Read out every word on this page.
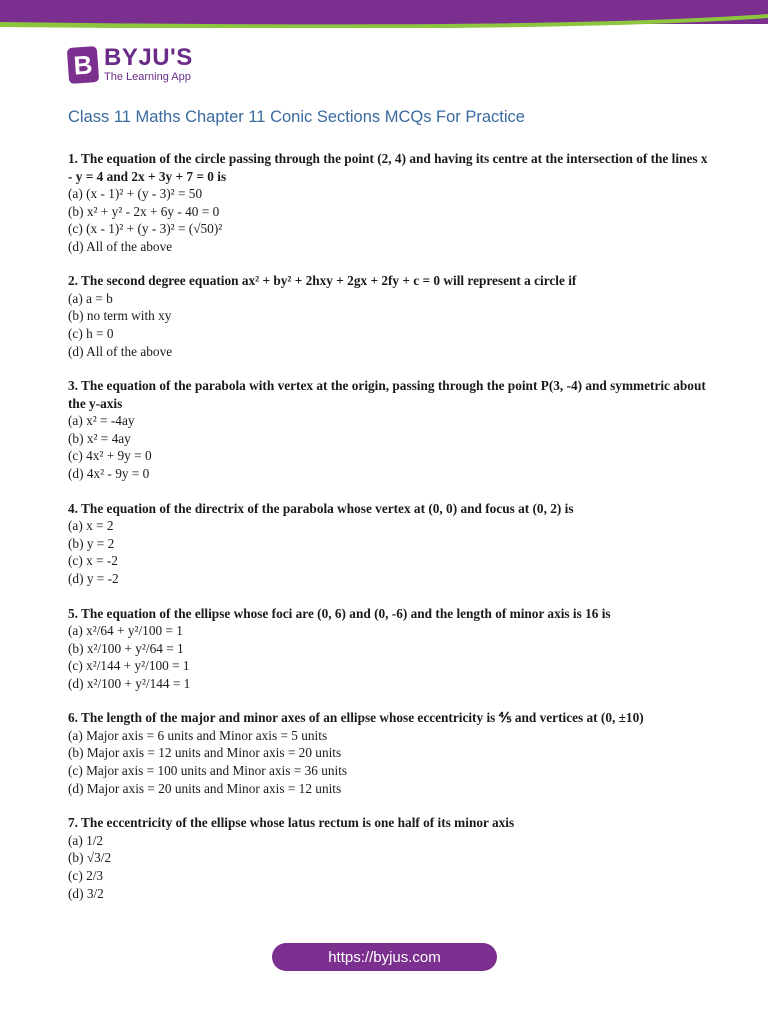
B BYJU'S
The Learning App
Class 11 Maths Chapter 11 Conic Sections MCQs For Practice

1. The equation of the circle passing through the point (2, 4) and having its centre at the intersection of the lines x - y = 4 and 2x + 3y + 7 = 0 is

(a) (x - 1)² + (y - 3)² = 50

(b) x² + y² - 2x + 6y - 40 = 0

(c) (x - 1)² + (y - 3)² = (√50)²

(d) All of the above

2. The second degree equation ax² + by² + 2hxy + 2gx + 2fy + c = 0 will represent a circle if

(a) a = b

(b) no term with xy

(c) h = 0

(d) All of the above

3. The equation of the parabola with vertex at the origin, passing through the point P(3, -4) and symmetric about the y-axis

(a) x² = -4ay

(b) x² = 4ay

(c) 4x² + 9y = 0

(d) 4x² - 9y = 0

4. The equation of the directrix of the parabola whose vertex at (0, 0) and focus at (0, 2) is

(a) x = 2

(b) y = 2

(c) x = -2

(d) y = -2

5. The equation of the ellipse whose foci are (0, 6) and (0, -6) and the length of minor axis is 16 is

(a) x²/64 + y²/100 = 1

(b) x²/100 + y²/64 = 1

(c) x²/144 + y²/100 = 1

(d) x²/100 + y²/144 = 1

6. The length of the major and minor axes of an ellipse whose eccentricity is ⅘ and vertices at (0, ±10)

(a) Major axis = 6 units and Minor axis = 5 units

(b) Major axis = 12 units and Minor axis = 20 units

(c) Major axis = 100 units and Minor axis = 36 units

(d) Major axis = 20 units and Minor axis = 12 units

7. The eccentricity of the ellipse whose latus rectum is one half of its minor axis

(a) 1/2

(b) √3/2

(c) 2/3

(d) 3/2

https://byjus.com
